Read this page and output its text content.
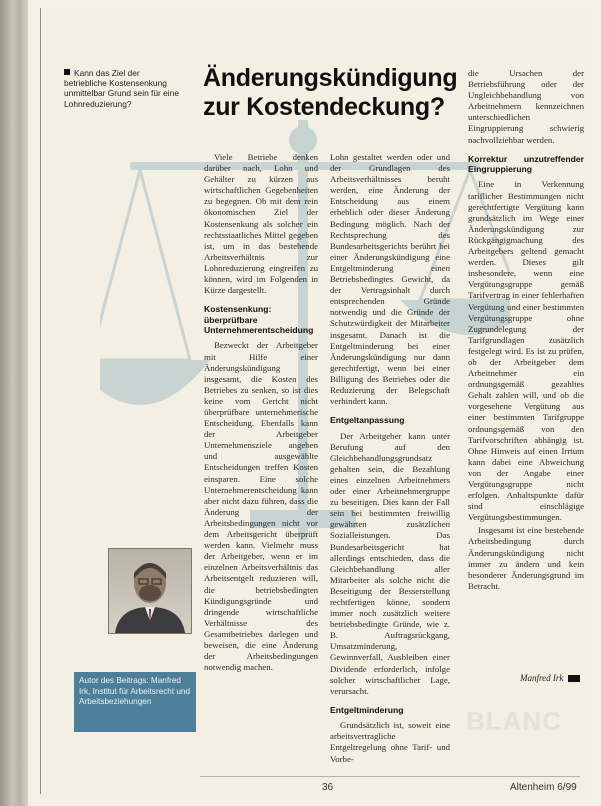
Kann das Ziel der betriebliche Kostensenkung unmittelbar Grund sein für eine Lohnreduzierung?
Änderungskündigung zur Kostendeckung?

Viele Betriebe denken darüber nach, Lohn und Gehälter zu kürzen aus wirtschaftlichen Gegebenheiten zu begegnen. Ob mit dem rein ökonomischen Ziel der Kostensenkung als solcher ein rechtsstaatliches Mittel gegeben ist, um in das bestehende Arbeitsverhältnis zur Lohnreduzierung eingreifen zu können, wird im Folgenden in Kürze dargestellt.

Kostensenkung: überprüfbare Unternehmerentscheidung

Bezweckt der Arbeitgeber mit Hilfe einer Änderungskündigung insgesamt, die Kosten des Betriebes zu senken, so ist dies keine vom Gericht nicht überprüfbare unternehmerische Entscheidung. Ebenfalls kann der Arbeitgeber Unternehmensziele angeben und ausgewählte Entscheidungen treffen Kosten einsparen. Eine solche Unternehmerentscheidung kann aber nicht dazu führen, dass die Änderung der Arbeitsbedingungen nicht vor dem Arbeitsgericht überprüft werden kann. Vielmehr muss der Arbeitgeber, wenn er im einzelnen Arbeitsverhältnis das Arbeitsentgelt reduzieren will, die betriebsbedingten Kündigungsgründe und dringende wirtschaftliche Verhältnisse des Gesamtbetriebes darlegen und beweisen, die eine Änderung der Arbeitsbedingungen notwendig machen.

Lohn gestaltet werden oder und der Grundlagen des Arbeitsverhältnisses beruht werden, eine Änderung der Entscheidung aus einem erheblich oder dieser Änderung Bedingung möglich. Nach der Rechtsprechung des Bundesarbeitsgerichts berührt bei einer Änderungskündigung eine Entgeltminderung einen Betriebsbedingtes Gewicht, da der Vertragsinhalt durch entsprechenden Gründe notwendig und die Gründe der Schutzwürdigkeit der Mitarbeiter insgesamt. Danach ist die Entgeltminderung bei einer Änderungskündigung nur dann gerechtfertigt, wenn bei einer Billigung des Betriebes oder die Reduzierung der Belegschaft verhindert kann.

Entgeltanpassung

Der Arbeitgeber kann unter Berufung auf den Gleichbehandlungsgrundsatz gehalten sein, die Bezahlung eines einzelnen Arbeitnehmers oder einer Arbeitnehmergruppe zu beseitigen. Dies kann der Fall sein bei bestimmten freiwillig gewährten zusätzlichen Sozialleistungen. Das Bundesarbeitsgericht hat allerdings entschieden, dass die Gleichbehandlung aller Mitarbeiter als solche nicht die Beseitigung der Besserstellung rechtfertigen könne, sondern immer noch zusätzlich weitere betriebsbedingte Gründe, wie z. B. Auftragsrückgang, Umsatzminderung, Gewinnverfall, Ausbleiben einer Dividende erforderlich, infolge solcher wirtschaftlicher Lage, verursacht.

Entgeltminderung

Grundsätzlich ist, soweit eine arbeitsvertragliche Entgeltregelung ohne Tarif- und Vorbe-

die Ursachen der Betriebsführung oder der Ungleichbehandlung von Arbeitnehmern kennzeichnen unterschiedlichen Eingruppierung schwierig nachvollziehbar werden.

Korrektur unzutreffender Eingruppierung

Eine in Verkennung tariflicher Bestimmungen nicht gerechtfertigte Vergütung kann grundsätzlich im Wege einer Änderungskündigung zur Rückgängigmachung des Arbeitgebers geltend gemacht werden. Dieses gilt insbesondere, wenn eine Vergütungsgruppe gemäß Tarifvertrag in einer fehlerhaften Vergütung und einer bestimmten Vergütungsgruppe ohne Zugrundelegung der Tarifgrundlagen zusätzlich festgelegt wird. Es ist zu prüfen, ob der Arbeitgeber dem Arbeitnehmer ein ordnungsgemäß gezahltes Gehalt zahlen will, und ob die vorgesehene Vergütung aus einer bestimmten Tarifgruppe ordnungsgemäß von den Tarifvorschriften abhängig ist. Ohne Hinweis auf einen Irrtum kann dabei eine Abweichung von der Angabe einer Vergütungsgruppe nicht erfolgen. Anhaltspunkte dafür sind einschlägige Vergütungsbestimmungen.

Insgesamt ist eine bestehende Arbeitsbedingung durch Änderungskündigung nicht immer zu ändern und kein besonderer Änderungsgrund im Betracht.

Autor des Beitrags: Manfred Irk, Institut für Arbeitsrecht und Arbeitsbeziehungen
Manfred Irk
BLANC
36	Altenheim 6/99
